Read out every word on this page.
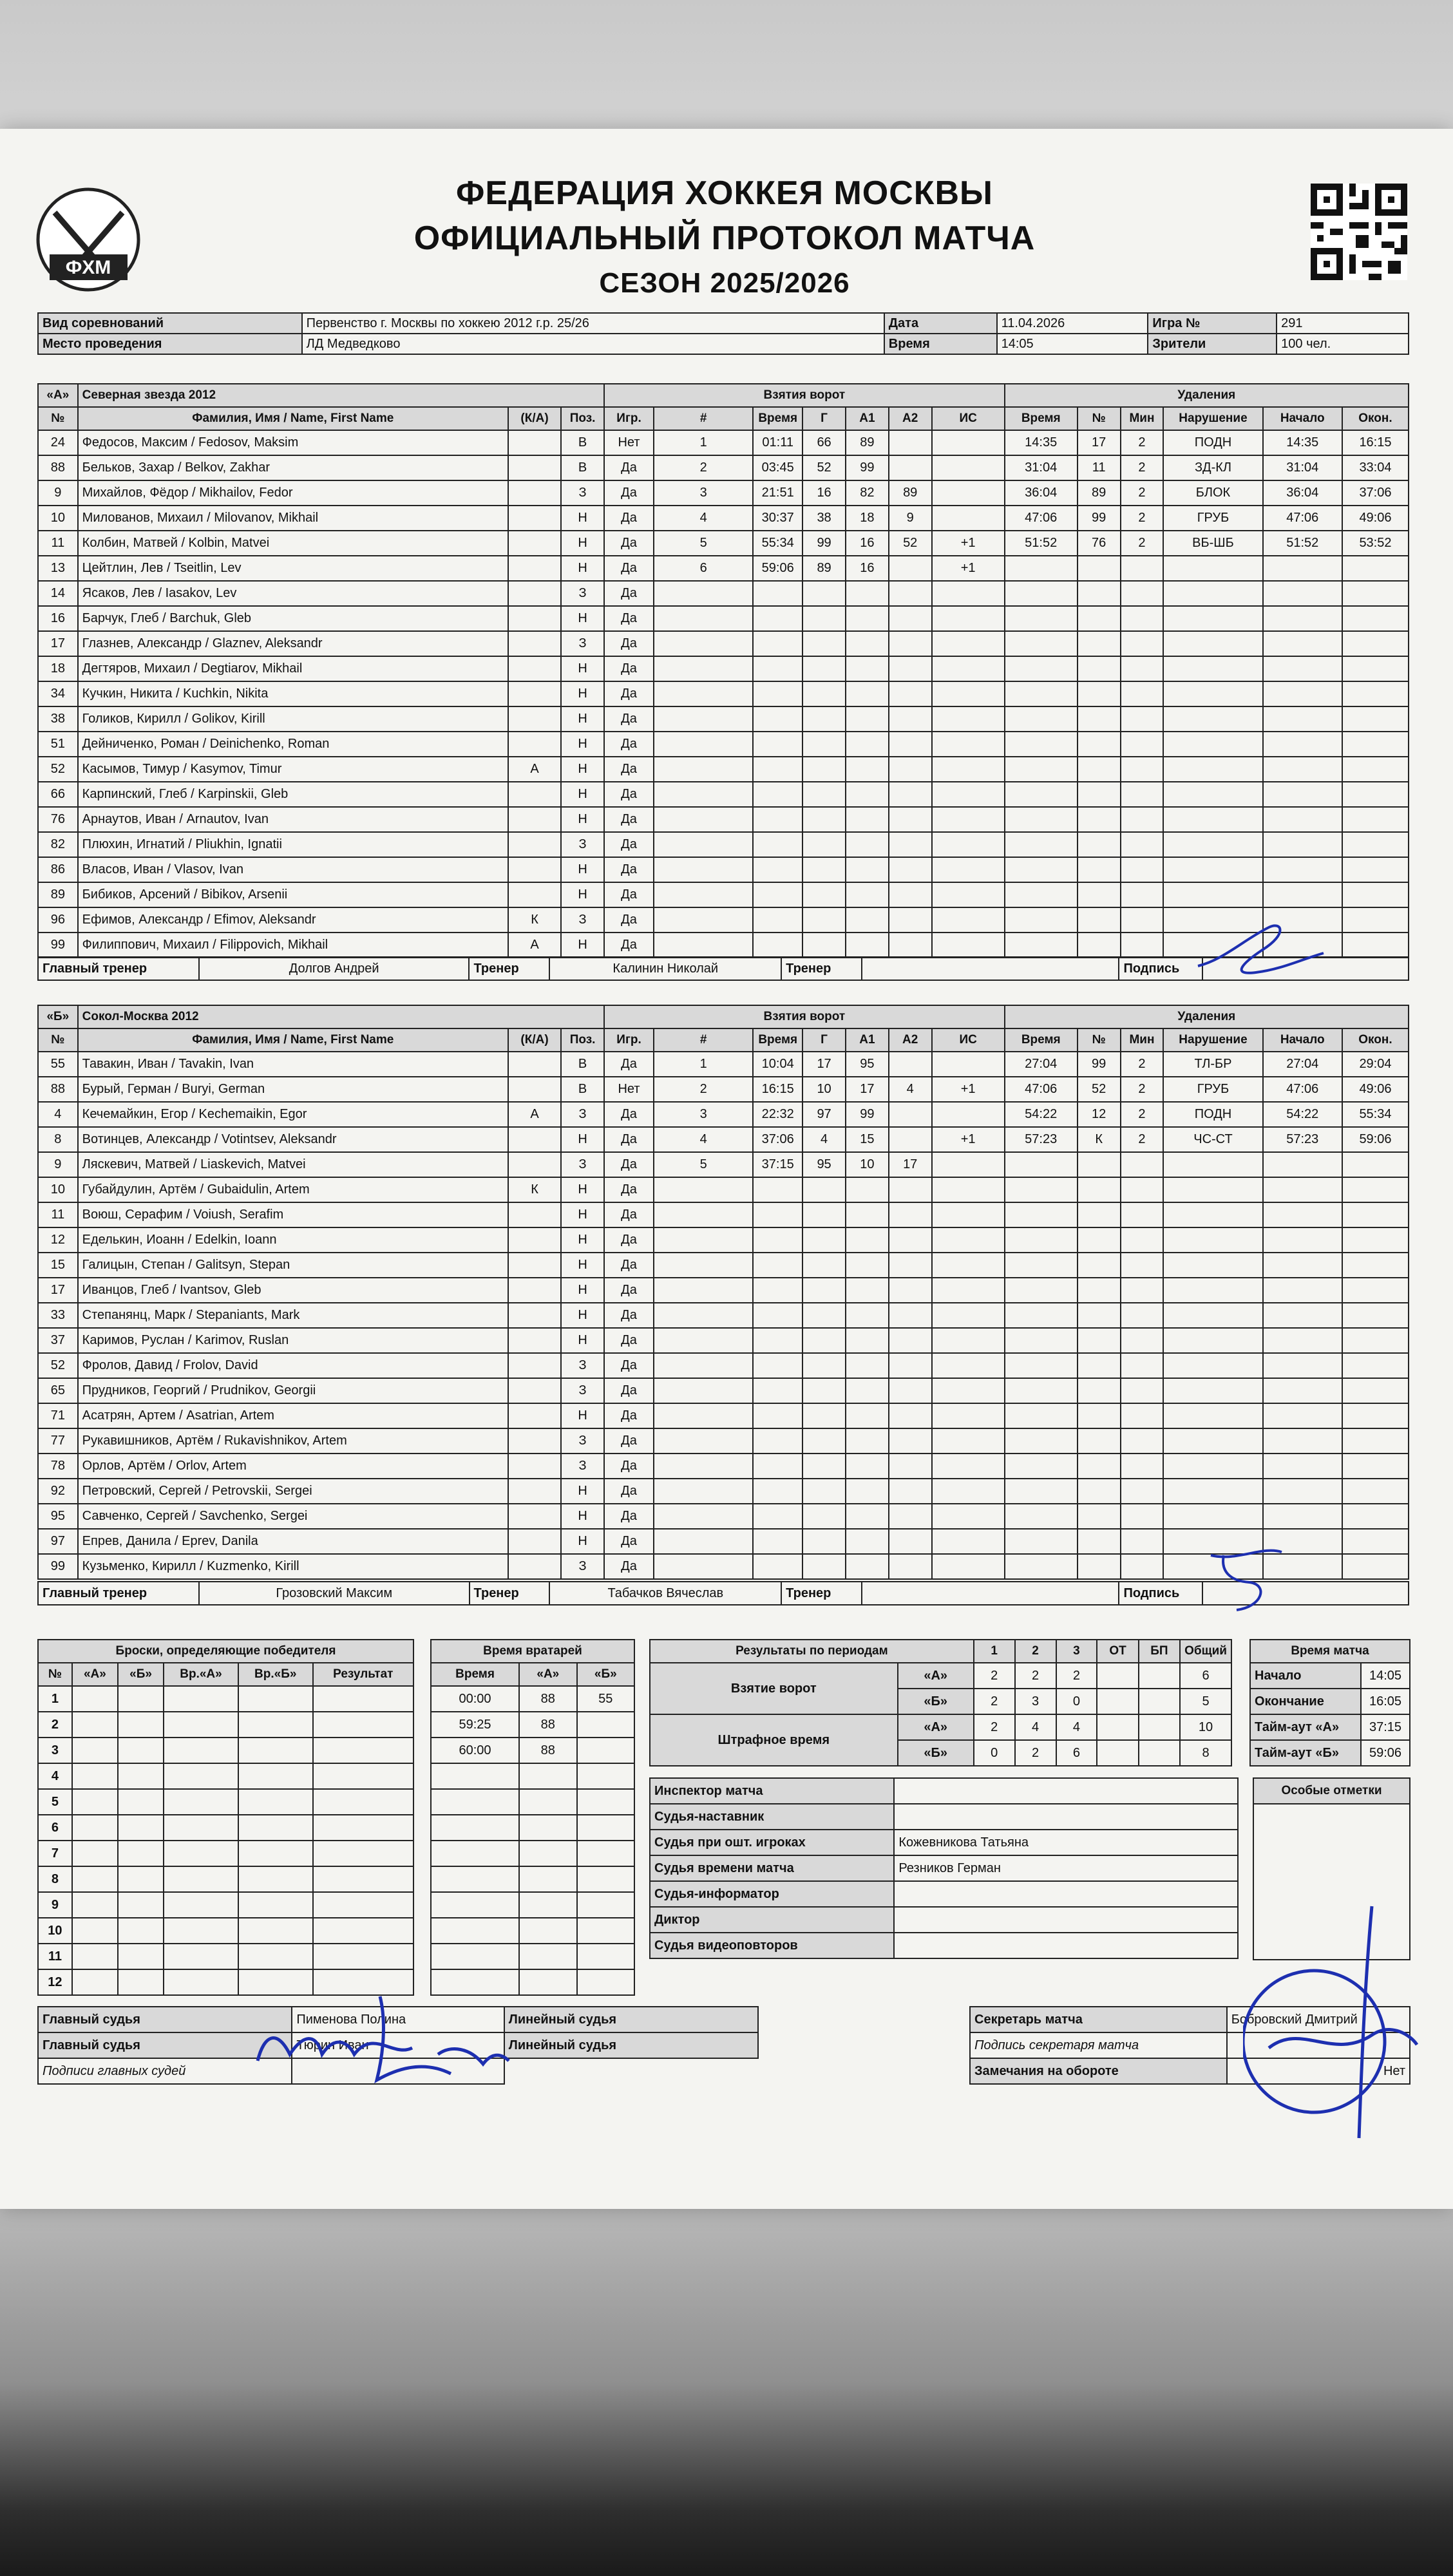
ФХМ
ФЕДЕРАЦИЯ ХОККЕЯ МОСКВЫ
ОФИЦИАЛЬНЫЙ ПРОТОКОЛ МАТЧА
СЕЗОН 2025/2026
Вид соревнований	Первенство г. Москвы по хоккею 2012 г.р. 25/26	Дата	11.04.2026	Игра №	291
Место проведения	ЛД Медведково	Время	14:05	Зрители	100 чел.
«А»	Северная звезда 2012			Взятия ворот							Удаления					
№	Фамилия, Имя / Name, First Name	(К/А)	Поз.	Игр.	#	Время	Г	А1	А2	ИС	Время	№	Мин	Нарушение	Начало	Окон.
24	Федосов, Максим / Fedosov, Maksim		В	Нет	1	01:11	66	89			14:35	17	2	ПОДН	14:35	16:15
88	Бельков, Захар / Belkov, Zakhar		В	Да	2	03:45	52	99			31:04	11	2	ЗД-КЛ	31:04	33:04
9	Михайлов, Фёдор / Mikhailov, Fedor		З	Да	3	21:51	16	82	89		36:04	89	2	БЛОК	36:04	37:06
10	Милованов, Михаил / Milovanov, Mikhail		Н	Да	4	30:37	38	18	9		47:06	99	2	ГРУБ	47:06	49:06
11	Колбин, Матвей / Kolbin, Matvei		Н	Да	5	55:34	99	16	52	+1	51:52	76	2	ВБ-ШБ	51:52	53:52
13	Цейтлин, Лев / Tseitlin, Lev		Н	Да	6	59:06	89	16		+1						
14	Ясаков, Лев / Iasakov, Lev		З	Да												
16	Барчук, Глеб / Barchuk, Gleb		Н	Да												
17	Глазнев, Александр / Glaznev, Aleksandr		З	Да												
18	Дегтяров, Михаил / Degtiarov, Mikhail		Н	Да												
34	Кучкин, Никита / Kuchkin, Nikita		Н	Да												
38	Голиков, Кирилл / Golikov, Kirill		Н	Да												
51	Дейниченко, Роман / Deinichenko, Roman		Н	Да												
52	Касымов, Тимур / Kasymov, Timur	А	Н	Да												
66	Карпинский, Глеб / Karpinskii, Gleb		Н	Да												
76	Арнаутов, Иван / Arnautov, Ivan		Н	Да												
82	Плюхин, Игнатий / Pliukhin, Ignatii		З	Да												
86	Власов, Иван / Vlasov, Ivan		Н	Да												
89	Бибиков, Арсений / Bibikov, Arsenii		Н	Да												
96	Ефимов, Александр / Efimov, Aleksandr	К	З	Да												
99	Филиппович, Михаил / Filippovich, Mikhail	А	Н	Да												
Главный тренер	Долгов Андрей	Тренер	Калинин Николай	Тренер		Подпись	
«Б»	Сокол-Москва 2012			Взятия ворот							Удаления					
№	Фамилия, Имя / Name, First Name	(К/А)	Поз.	Игр.	#	Время	Г	А1	А2	ИС	Время	№	Мин	Нарушение	Начало	Окон.
55	Тавакин, Иван / Tavakin, Ivan		В	Да	1	10:04	17	95			27:04	99	2	ТЛ-БР	27:04	29:04
88	Бурый, Герман / Buryi, German		В	Нет	2	16:15	10	17	4	+1	47:06	52	2	ГРУБ	47:06	49:06
4	Кечемайкин, Егор / Kechemaikin, Egor	А	З	Да	3	22:32	97	99			54:22	12	2	ПОДН	54:22	55:34
8	Вотинцев, Александр / Votintsev, Aleksandr		Н	Да	4	37:06	4	15		+1	57:23	К	2	ЧС-СТ	57:23	59:06
9	Ляскевич, Матвей / Liaskevich, Matvei		З	Да	5	37:15	95	10	17							
10	Губайдулин, Артём / Gubaidulin, Artem	К	Н	Да												
11	Воюш, Серафим / Voiush, Serafim		Н	Да												
12	Еделькин, Иоанн / Edelkin, Ioann		Н	Да												
15	Галицын, Степан / Galitsyn, Stepan		Н	Да												
17	Иванцов, Глеб / Ivantsov, Gleb		Н	Да												
33	Степанянц, Марк / Stepaniants, Mark		Н	Да												
37	Каримов, Руслан / Karimov, Ruslan		Н	Да												
52	Фролов, Давид / Frolov, David		З	Да												
65	Прудников, Георгий / Prudnikov, Georgii		З	Да												
71	Асатрян, Артем / Asatrian, Artem		Н	Да												
77	Рукавишников, Артём / Rukavishnikov, Artem		З	Да												
78	Орлов, Артём / Orlov, Artem		З	Да												
92	Петровский, Сергей / Petrovskii, Sergei		Н	Да												
95	Савченко, Сергей / Savchenko, Sergei		Н	Да												
97	Епрев, Данила / Eprev, Danila		Н	Да												
99	Кузьменко, Кирилл / Kuzmenko, Kirill		З	Да												
Главный тренер	Грозовский Максим	Тренер	Табачков Вячеслав	Тренер		Подпись	
Броски, определяющие победителя					
№	«А»	«Б»	Вр.«А»	Вр.«Б»	Результат
1					
2					
3					
4					
5					
6					
7					
8					
9					
10					
11					
12					
Время вратарей		
Время	«А»	«Б»
00:00	88	55
59:25	88	
60:00	88	

Результаты по периодам		1	2	3	ОТ	БП	Общий
Взятие ворот	«А»	2	2	2			6
	«Б»	2	3	0			5
Штрафное время	«А»	2	4	4			10
	«Б»	0	2	6			8
Время матча	
Начало	14:05
Окончание	16:05
Тайм-аут «А»	37:15
Тайм-аут «Б»	59:06
Инспектор матча	
Судья-наставник	
Судья при ошт. игроках	Кожевникова Татьяна
Судья времени матча	Резников Герман
Судья-информатор	
Диктор	
Судья видеоповторов	
Особые отметки

Главный судья	Пименова Полина	Линейный судья
Главный судья	Тюрин Иван	Линейный судья
Подписи главных судей		
Секретарь матча	Бобровский Дмитрий
Подпись секретаря матча	
Замечания на обороте	Нет
